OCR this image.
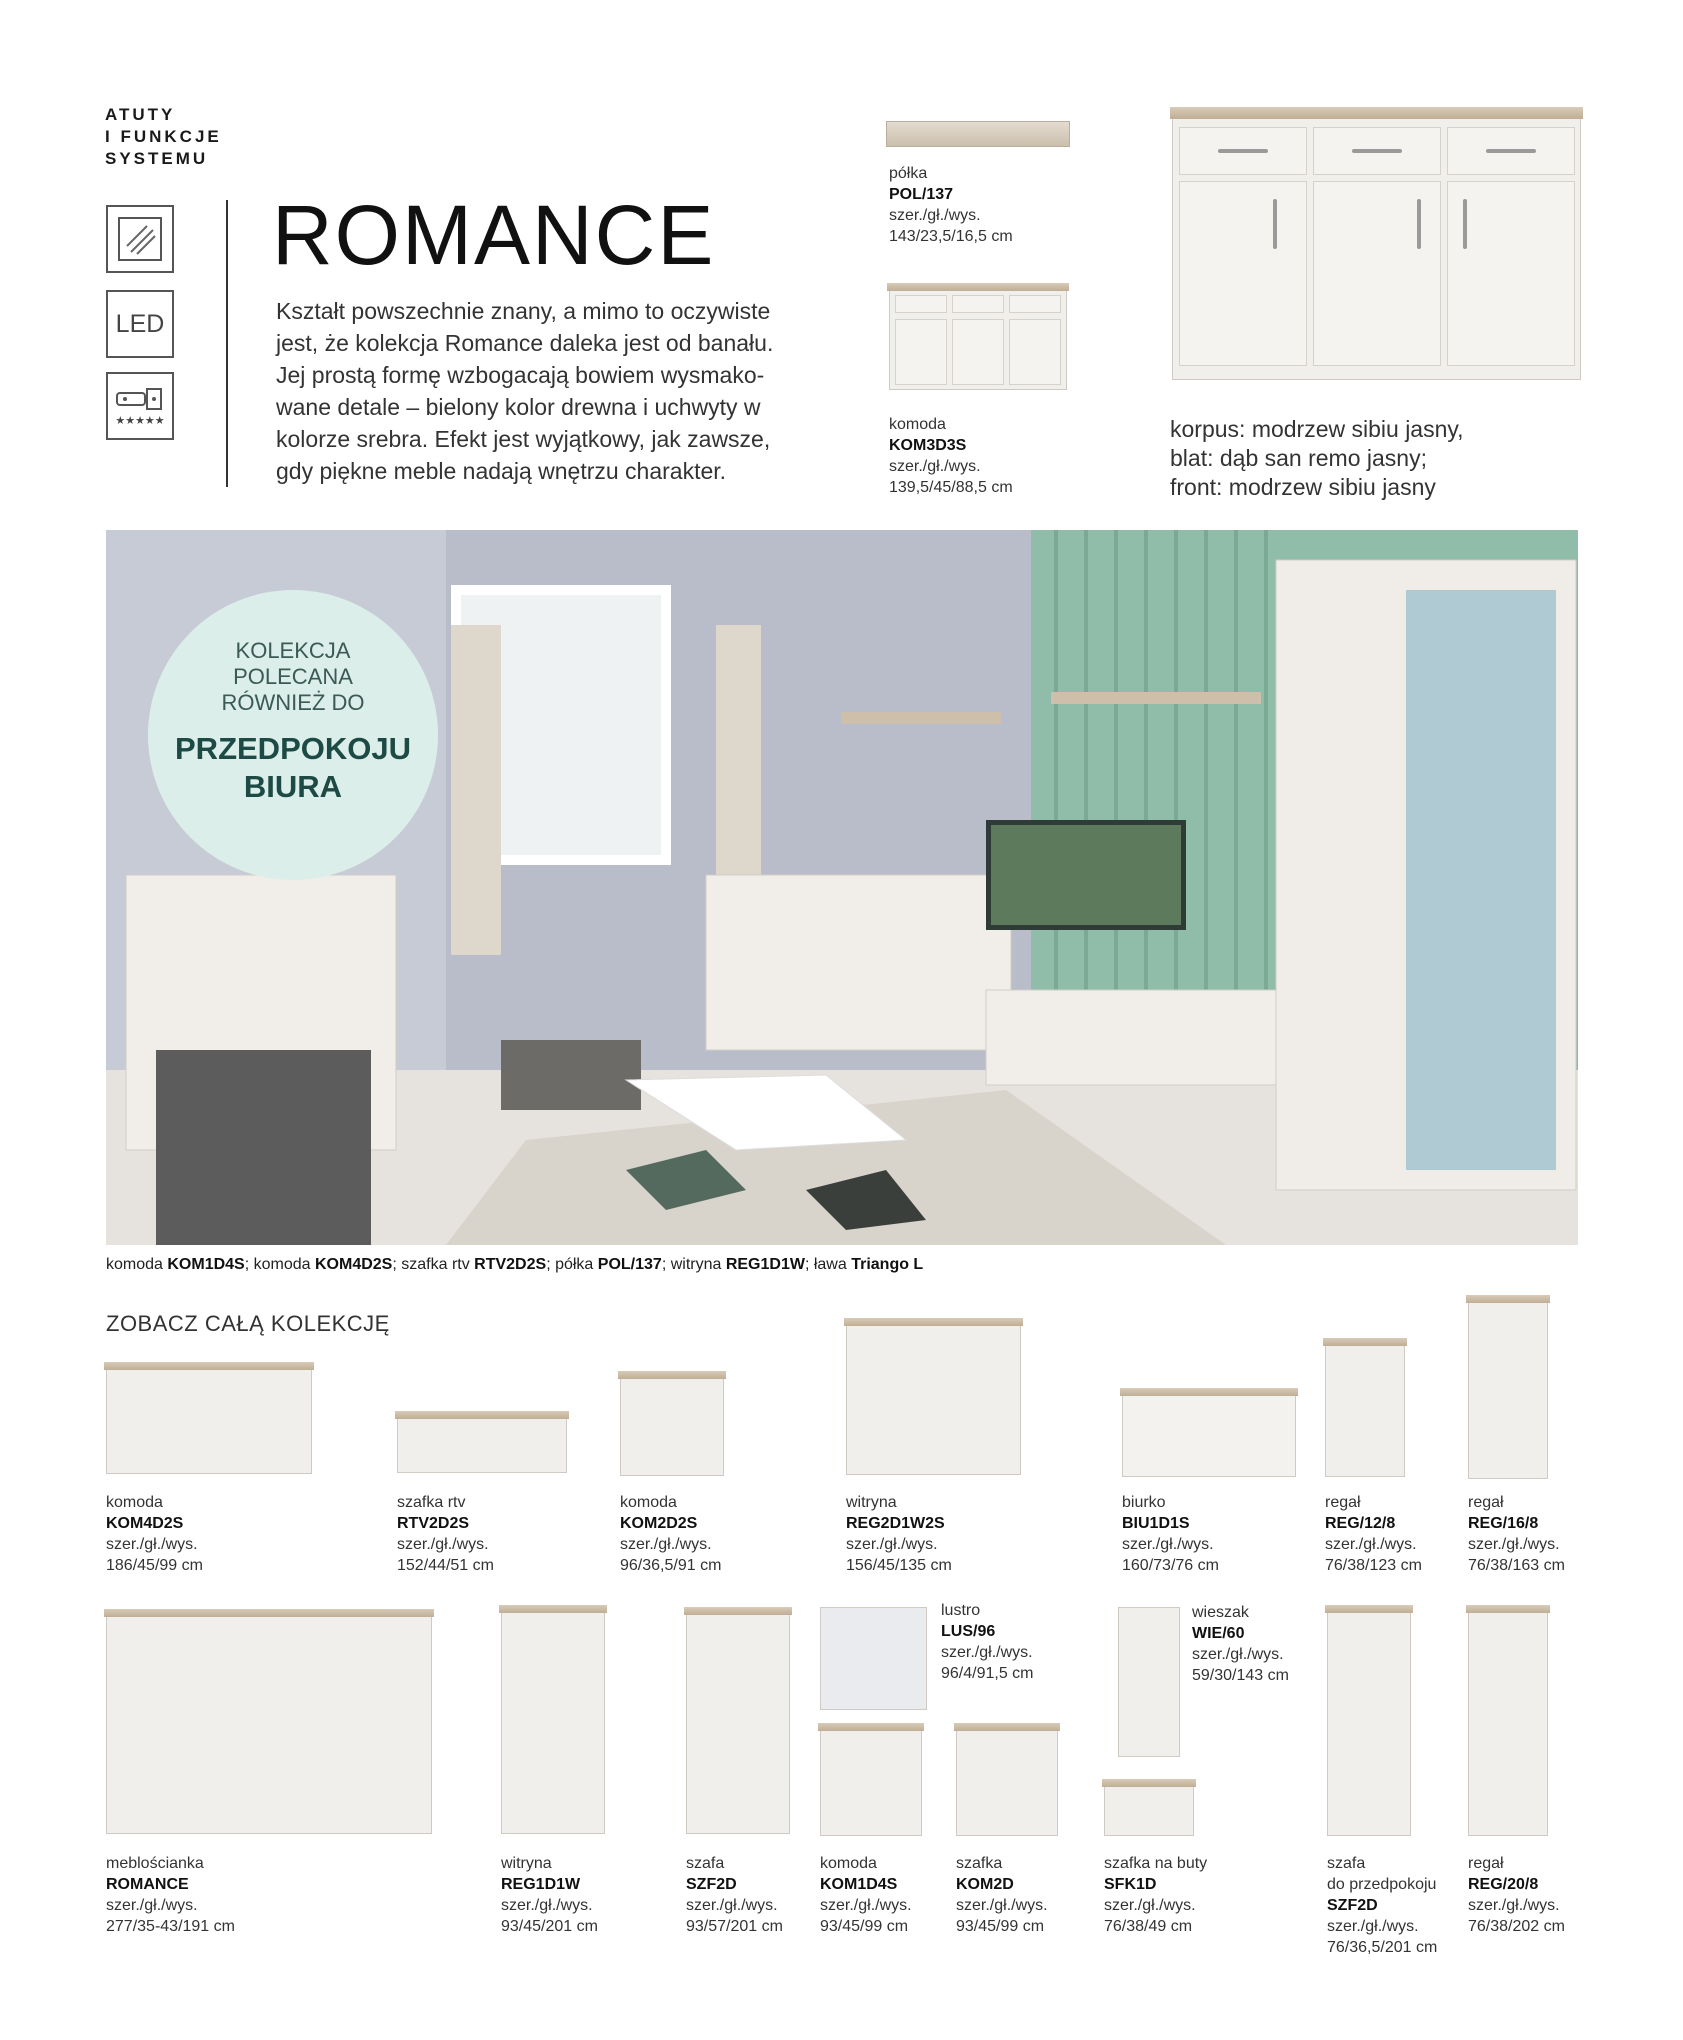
ATUTY
I FUNKCJE
SYSTEMU
LED
★★★★★
ROMANCE
Kształt powszechnie znany, a mimo to oczywiste
jest, że kolekcja Romance daleka jest od banału.
Jej prostą formę wzbogacają bowiem wysmako-
wane detale – bielony kolor drewna i uchwyty w
kolorze srebra. Efekt jest wyjątkowy, jak zawsze,
gdy piękne meble nadają wnętrzu charakter.
półka
POL/137
szer./gł./wys.
143/23,5/16,5 cm
komoda
KOM3D3S
szer./gł./wys.
139,5/45/88,5 cm
korpus: modrzew sibiu jasny,
blat: dąb san remo jasny;
front: modrzew sibiu jasny
KOLEKCJA
POLECANA
RÓWNIEŻ DO
PRZEDPOKOJU
BIURA
komoda KOM1D4S; komoda KOM4D2S; szafka rtv RTV2D2S; półka POL/137; witryna REG1D1W; ława Triango L
ZOBACZ CAŁĄ KOLEKCJĘ
komoda
KOM4D2S
szer./gł./wys.
186/45/99 cm
szafka rtv
RTV2D2S
szer./gł./wys.
152/44/51 cm
komoda
KOM2D2S
szer./gł./wys.
96/36,5/91 cm
witryna
REG2D1W2S
szer./gł./wys.
156/45/135 cm
biurko
BIU1D1S
szer./gł./wys.
160/73/76 cm
regał
REG/12/8
szer./gł./wys.
76/38/123 cm
regał
REG/16/8
szer./gł./wys.
76/38/163 cm
lustro
LUS/96
szer./gł./wys.
96/4/91,5 cm
wieszak
WIE/60
szer./gł./wys.
59/30/143 cm
meblościanka
ROMANCE
szer./gł./wys.
277/35-43/191 cm
witryna
REG1D1W
szer./gł./wys.
93/45/201 cm
szafa
SZF2D
szer./gł./wys.
93/57/201 cm
komoda
KOM1D4S
szer./gł./wys.
93/45/99 cm
szafka
KOM2D
szer./gł./wys.
93/45/99 cm
szafka na buty
SFK1D
szer./gł./wys.
76/38/49 cm
szafa
do przedpokoju
SZF2D
szer./gł./wys.
76/36,5/201 cm
regał
REG/20/8
szer./gł./wys.
76/38/202 cm
